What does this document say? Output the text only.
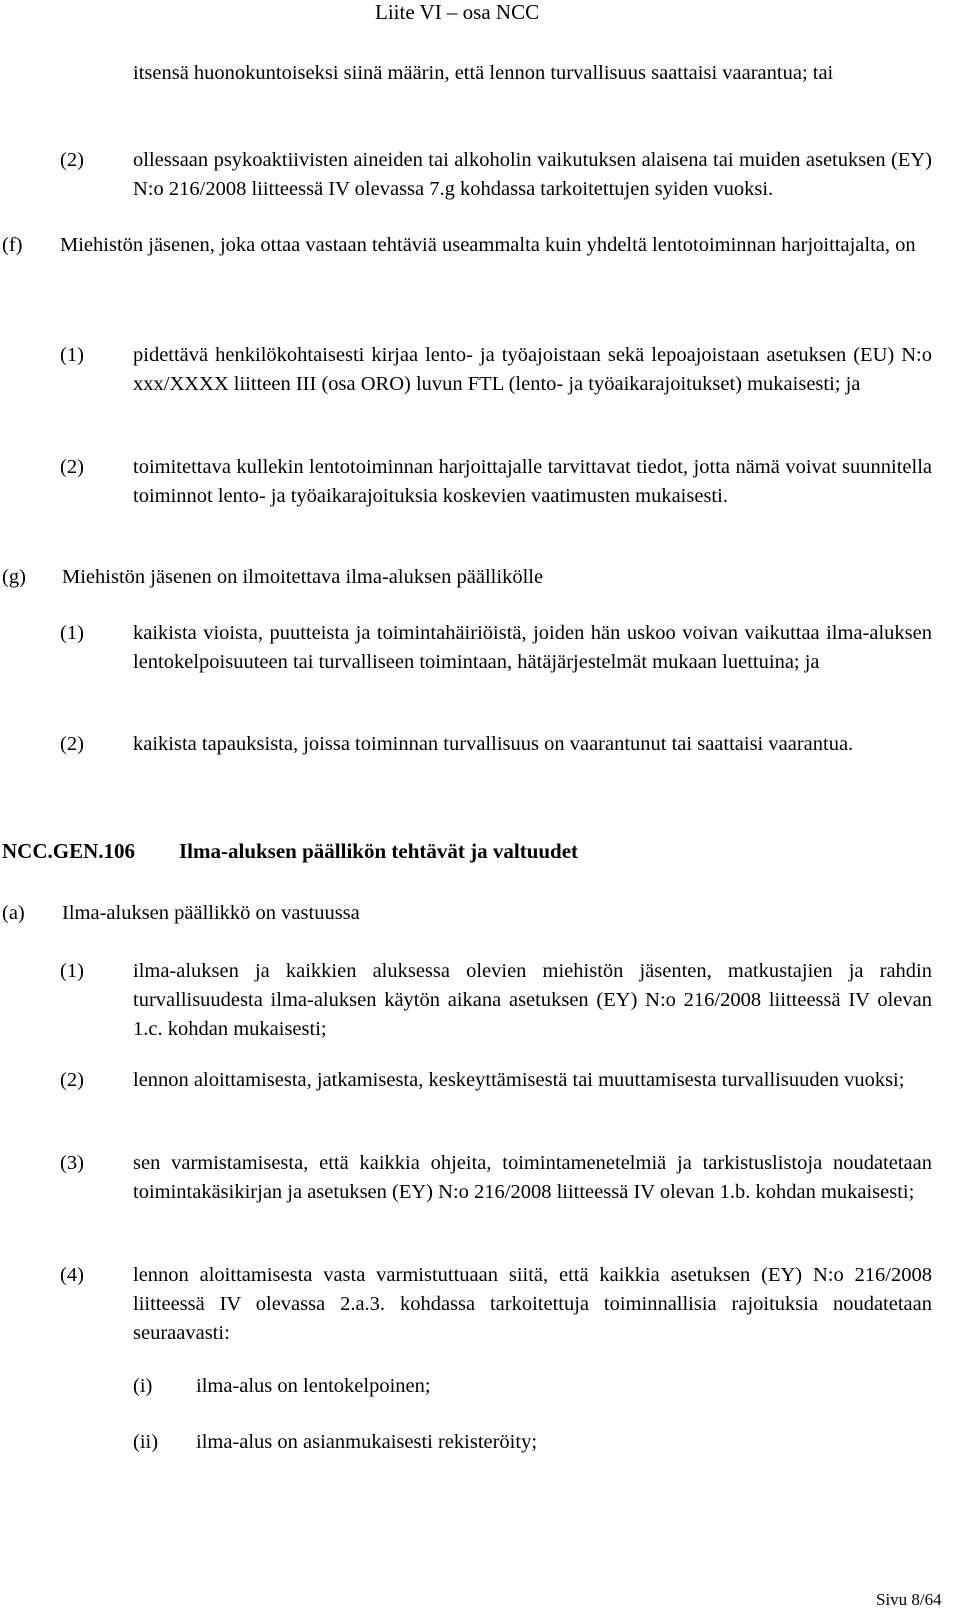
Liite VI – osa NCC
itsensä huonokuntoiseksi siinä määrin, että lennon turvallisuus saattaisi vaarantua; tai
(2) ollessaan psykoaktiivisten aineiden tai alkoholin vaikutuksen alaisena tai muiden asetuksen (EY) N:o 216/2008 liitteessä IV olevassa 7.g kohdassa tarkoitettujen syiden vuoksi.
(f)	Miehistön jäsenen, joka ottaa vastaan tehtäviä useammalta kuin yhdeltä lentotoiminnan harjoittajalta, on
(1) pidettävä henkilökohtaisesti kirjaa lento- ja työajoistaan sekä lepoajoistaan asetuksen (EU) N:o xxx/XXXX liitteen III (osa ORO) luvun FTL (lento- ja työaikarajoitukset) mukaisesti; ja
(2) toimitettava kullekin lentotoiminnan harjoittajalle tarvittavat tiedot, jotta nämä voivat suunnitella toiminnot lento- ja työaikarajoituksia koskevien vaatimusten mukaisesti.
(g) Miehistön jäsenen on ilmoitettava ilma-aluksen päällikölle
(1) kaikista vioista, puutteista ja toimintahäiriöistä, joiden hän uskoo voivan vaikuttaa ilma-aluksen lentokelpoisuuteen tai turvalliseen toimintaan, hätäjärjestelmät mukaan luettuina; ja
(2) kaikista tapauksista, joissa toiminnan turvallisuus on vaarantunut tai saattaisi vaarantua.
NCC.GEN.106 Ilma-aluksen päällikön tehtävät ja valtuudet
(a) Ilma-aluksen päällikkö on vastuussa
(1) ilma-aluksen ja kaikkien aluksessa olevien miehistön jäsenten, matkustajien ja rahdin turvallisuudesta ilma-aluksen käytön aikana asetuksen (EY) N:o 216/2008 liitteessä IV olevan 1.c. kohdan mukaisesti;
(2) lennon aloittamisesta, jatkamisesta, keskeyttämisestä tai muuttamisesta turvallisuuden vuoksi;
(3) sen varmistamisesta, että kaikkia ohjeita, toimintamenetelmiä ja tarkistuslistoja noudatetaan toimintakäsikirjan ja asetuksen (EY) N:o 216/2008 liitteessä IV olevan 1.b. kohdan mukaisesti;
(4) lennon aloittamisesta vasta varmistuttuaan siitä, että kaikkia asetuksen (EY) N:o 216/2008 liitteessä IV olevassa 2.a.3. kohdassa tarkoitettuja toiminnallisia rajoituksia noudatetaan seuraavasti:
(i) ilma-alus on lentokelpoinen;
(ii) ilma-alus on asianmukaisesti rekisteröity;
Sivu 8/64
